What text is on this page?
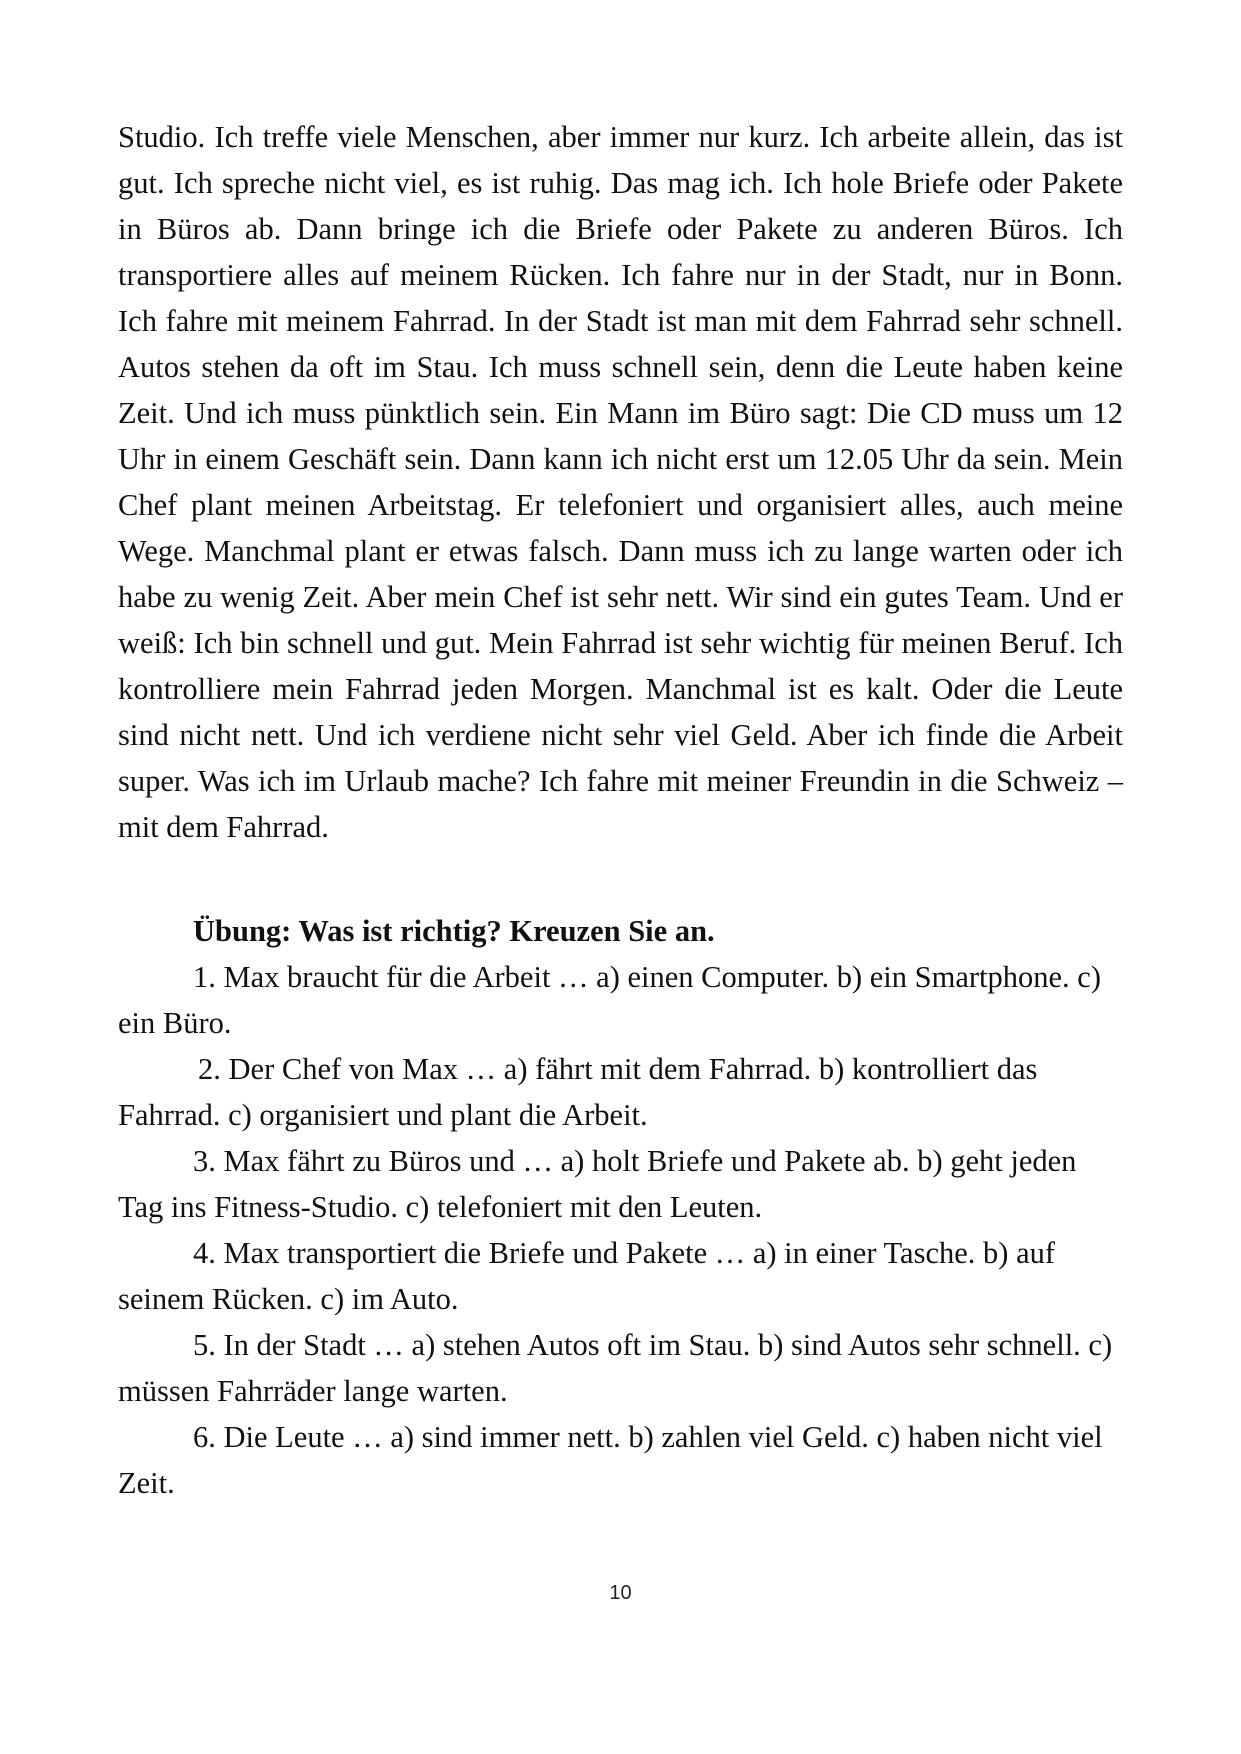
Studio. Ich treffe viele Menschen, aber immer nur kurz. Ich arbeite allein, das ist gut. Ich spreche nicht viel, es ist ruhig. Das mag ich. Ich hole Briefe oder Pakete in Büros ab. Dann bringe ich die Briefe oder Pakete zu anderen Büros. Ich transportiere alles auf meinem Rücken. Ich fahre nur in der Stadt, nur in Bonn. Ich fahre mit meinem Fahrrad. In der Stadt ist man mit dem Fahrrad sehr schnell. Autos stehen da oft im Stau. Ich muss schnell sein, denn die Leute haben keine Zeit. Und ich muss pünktlich sein. Ein Mann im Büro sagt: Die CD muss um 12 Uhr in einem Geschäft sein. Dann kann ich nicht erst um 12.05 Uhr da sein. Mein Chef plant meinen Arbeitstag. Er telefoniert und organisiert alles, auch meine Wege. Manchmal plant er etwas falsch. Dann muss ich zu lange warten oder ich habe zu wenig Zeit. Aber mein Chef ist sehr nett. Wir sind ein gutes Team. Und er weiß: Ich bin schnell und gut. Mein Fahrrad ist sehr wichtig für meinen Beruf. Ich kontrolliere mein Fahrrad jeden Morgen. Manchmal ist es kalt. Oder die Leute sind nicht nett. Und ich verdiene nicht sehr viel Geld. Aber ich finde die Arbeit super. Was ich im Urlaub mache? Ich fahre mit meiner Freundin in die Schweiz – mit dem Fahrrad.

Übung: Was ist richtig? Kreuzen Sie an.

1. Max braucht für die Arbeit … a) einen Computer. b) ein Smartphone. c) ein Büro.

2. Der Chef von Max … a) fährt mit dem Fahrrad. b) kontrolliert das Fahrrad. c) organisiert und plant die Arbeit.

3. Max fährt zu Büros und … a) holt Briefe und Pakete ab. b) geht jeden Tag ins Fitness-Studio. c) telefoniert mit den Leuten.

4. Max transportiert die Briefe und Pakete … a) in einer Tasche. b) auf seinem Rücken. c) im Auto.

5. In der Stadt … a) stehen Autos oft im Stau. b) sind Autos sehr schnell. c) müssen Fahrräder lange warten.

6. Die Leute … a) sind immer nett. b) zahlen viel Geld. c) haben nicht viel Zeit.

10
